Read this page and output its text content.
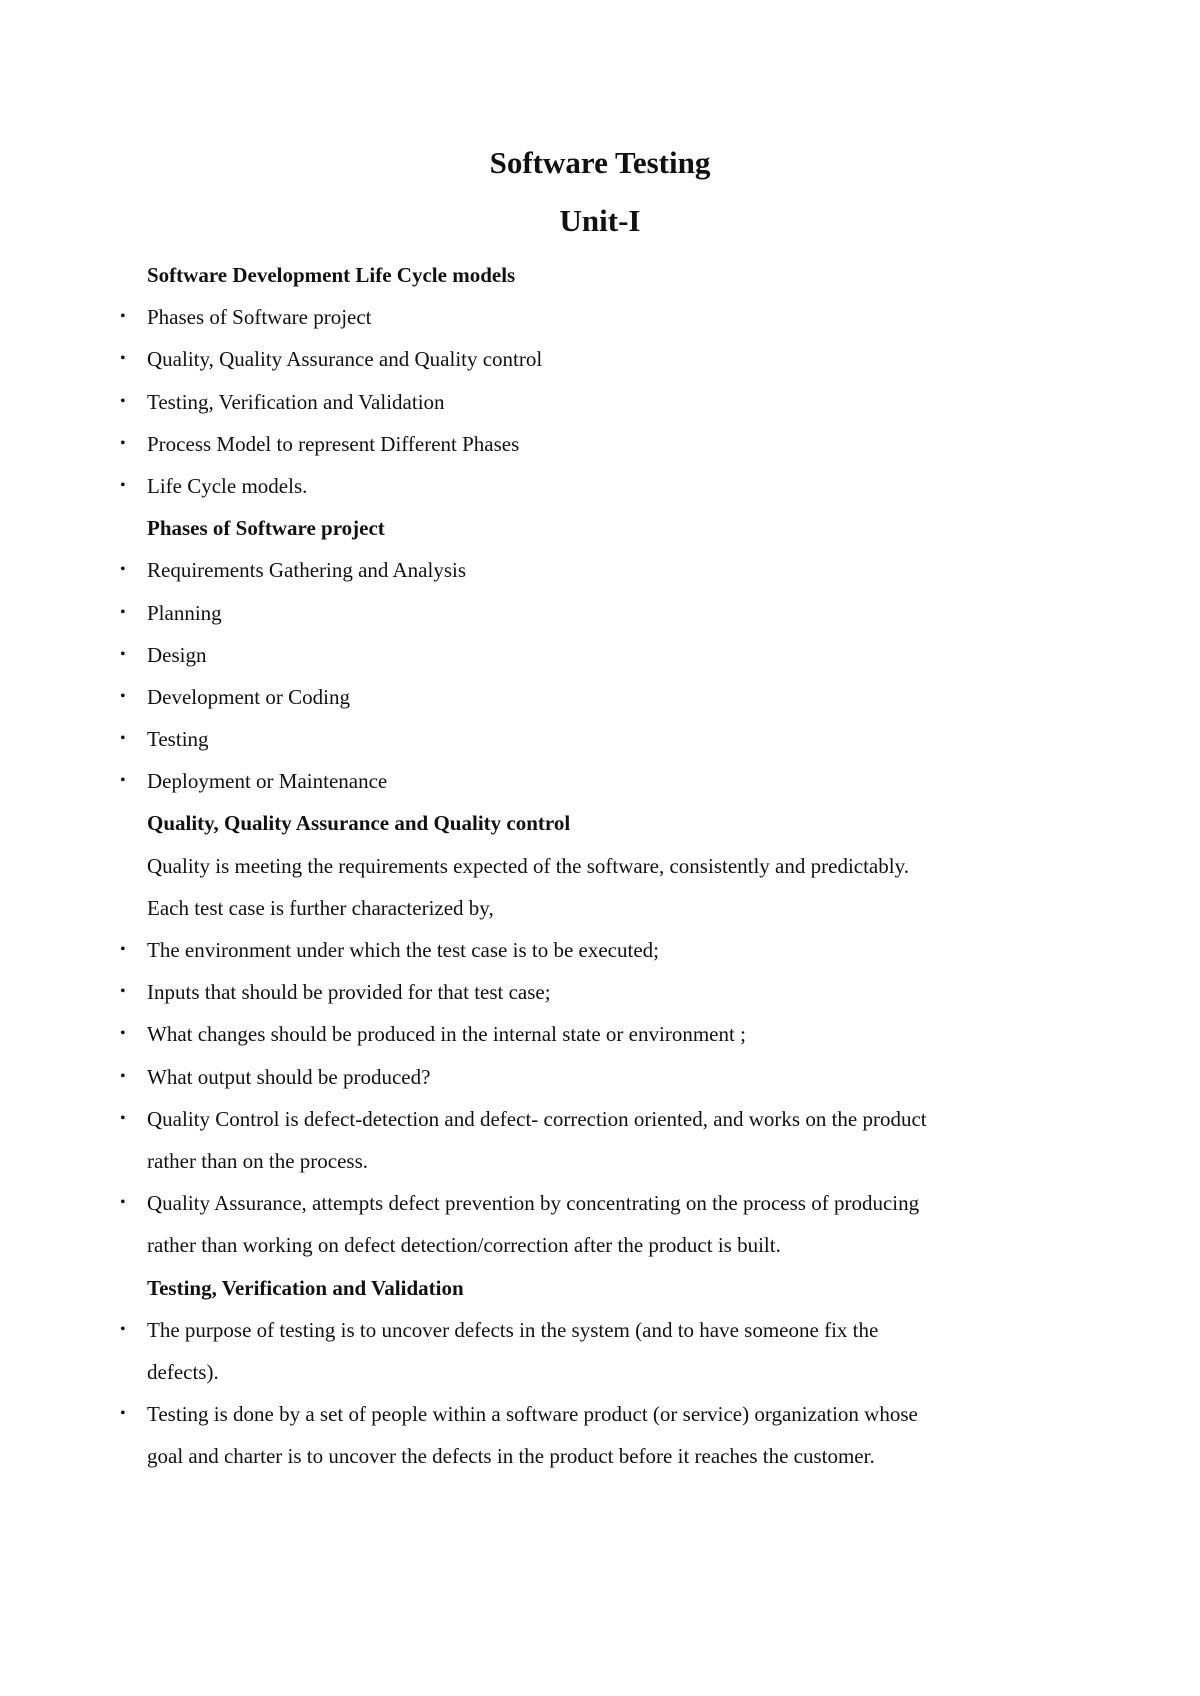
Software Testing
Unit-I
Software Development Life Cycle models
• Phases of Software project
• Quality, Quality Assurance and Quality control
• Testing, Verification and Validation
• Process Model to represent Different Phases
• Life Cycle models.
Phases of Software project
• Requirements Gathering and Analysis
• Planning
• Design
• Development or Coding
• Testing
• Deployment or Maintenance
Quality, Quality Assurance and Quality control
Quality is meeting the requirements expected of the software, consistently and predictably.
Each test case is further characterized by,
• The environment under which the test case is to be executed;
• Inputs that should be provided for that test case;
• What changes should be produced in the internal state or environment ;
• What output should be produced?
• Quality Control is defect-detection and defect- correction oriented, and works on the product
rather than on the process.
• Quality Assurance, attempts defect prevention by concentrating on the process of producing
rather than working on defect detection/correction after the product is built.
Testing, Verification and Validation
• The purpose of testing is to uncover defects in the system (and to have someone fix the
defects).
• Testing is done by a set of people within a software product (or service) organization whose
goal and charter is to uncover the defects in the product before it reaches the customer.
